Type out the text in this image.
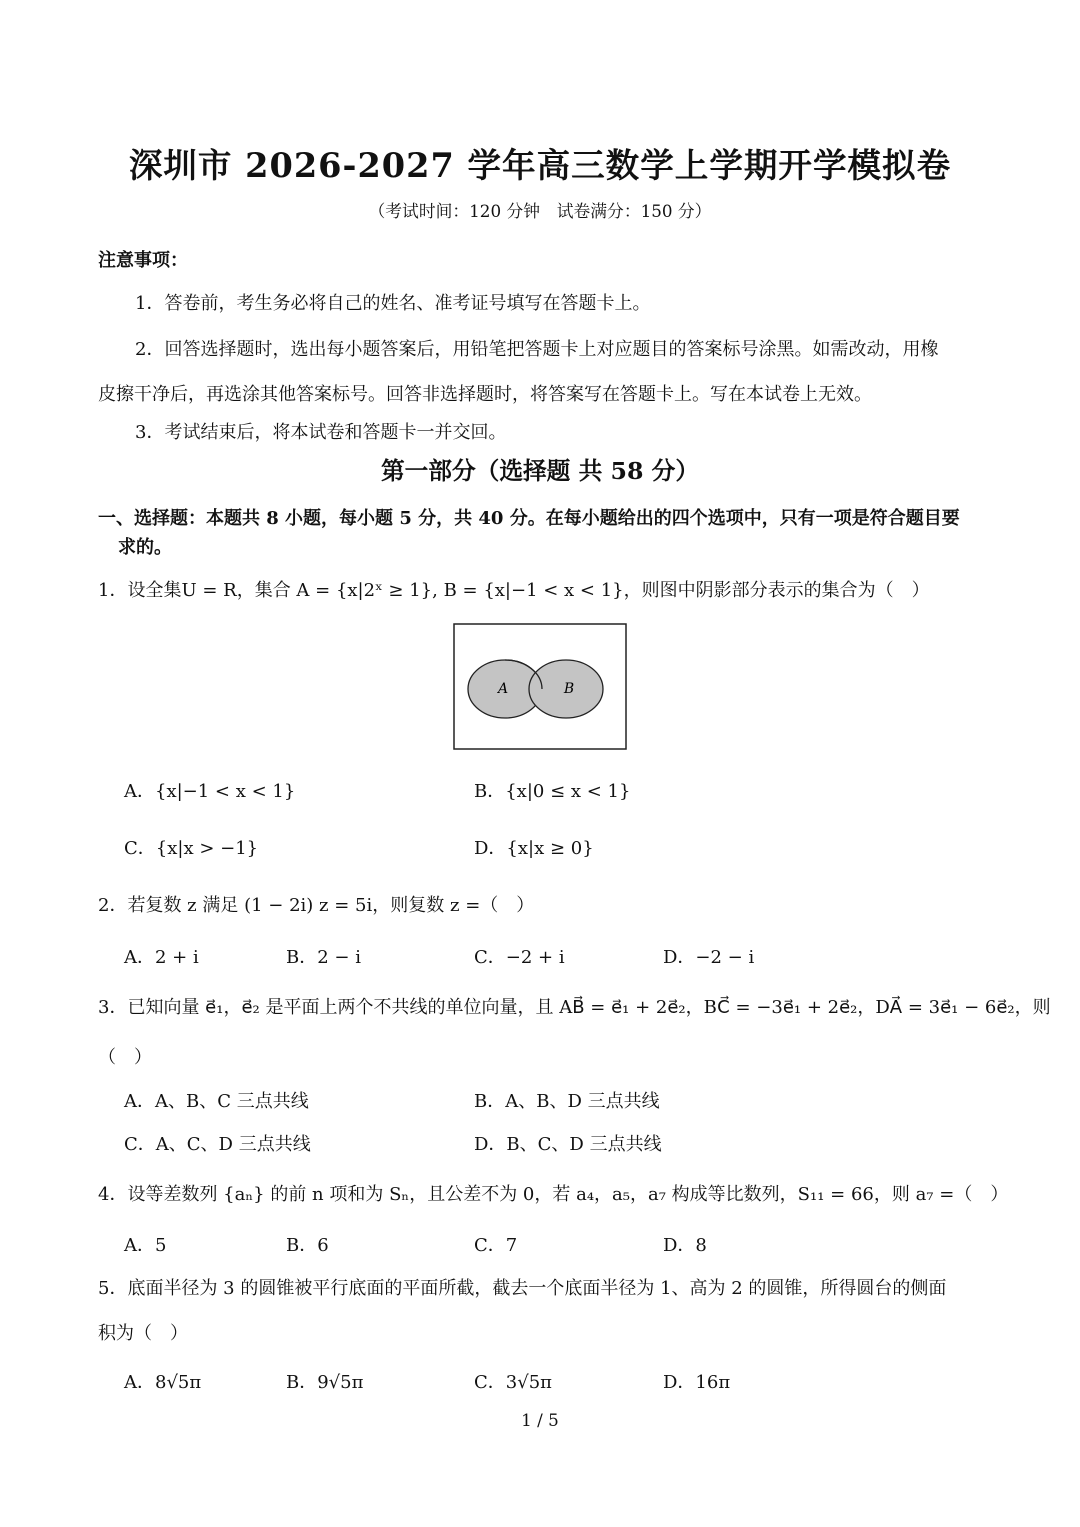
深圳市 2026-2027 学年高三数学上学期开学模拟卷
（考试时间：120 分钟　试卷满分：150 分）
注意事项：
1．答卷前，考生务必将自己的姓名、准考证号填写在答题卡上。
2．回答选择题时，选出每小题答案后，用铅笔把答题卡上对应题目的答案标号涂黑。如需改动，用橡
皮擦干净后，再选涂其他答案标号。回答非选择题时，将答案写在答题卡上。写在本试卷上无效。
3．考试结束后，将本试卷和答题卡一并交回。
第一部分（选择题 共 58 分）
一、选择题：本题共 8 小题，每小题 5 分，共 40 分。在每小题给出的四个选项中，只有一项是符合题目要
求的。
1．设全集U = R，集合 A = {x|2ˣ ≥ 1}, B = {x|−1 < x < 1}，则图中阴影部分表示的集合为（　）
A	B
A．{x|−1 < x < 1}	B．{x|0 ≤ x < 1}
C．{x|x > −1}	D．{x|x ≥ 0}
2．若复数 z 满足 (1 − 2i) z = 5i，则复数 z =（　）
A．2 + i	B．2 − i	C．−2 + i	D．−2 − i
3．已知向量 e⃗₁，e⃗₂ 是平面上两个不共线的单位向量，且 AB⃗ = e⃗₁ + 2e⃗₂，BC⃗ = −3e⃗₁ + 2e⃗₂，DA⃗ = 3e⃗₁ − 6e⃗₂，则
（　）
A．A、B、C 三点共线	B．A、B、D 三点共线
C．A、C、D 三点共线	D．B、C、D 三点共线
4．设等差数列 {aₙ} 的前 n 项和为 Sₙ，且公差不为 0，若 a₄，a₅，a₇ 构成等比数列，S₁₁ = 66，则 a₇ =（　）
A．5	B．6	C．7	D．8
5．底面半径为 3 的圆锥被平行底面的平面所截，截去一个底面半径为 1、高为 2 的圆锥，所得圆台的侧面
积为（　）
A．8√5π	B．9√5π	C．3√5π	D．16π
1 / 5
